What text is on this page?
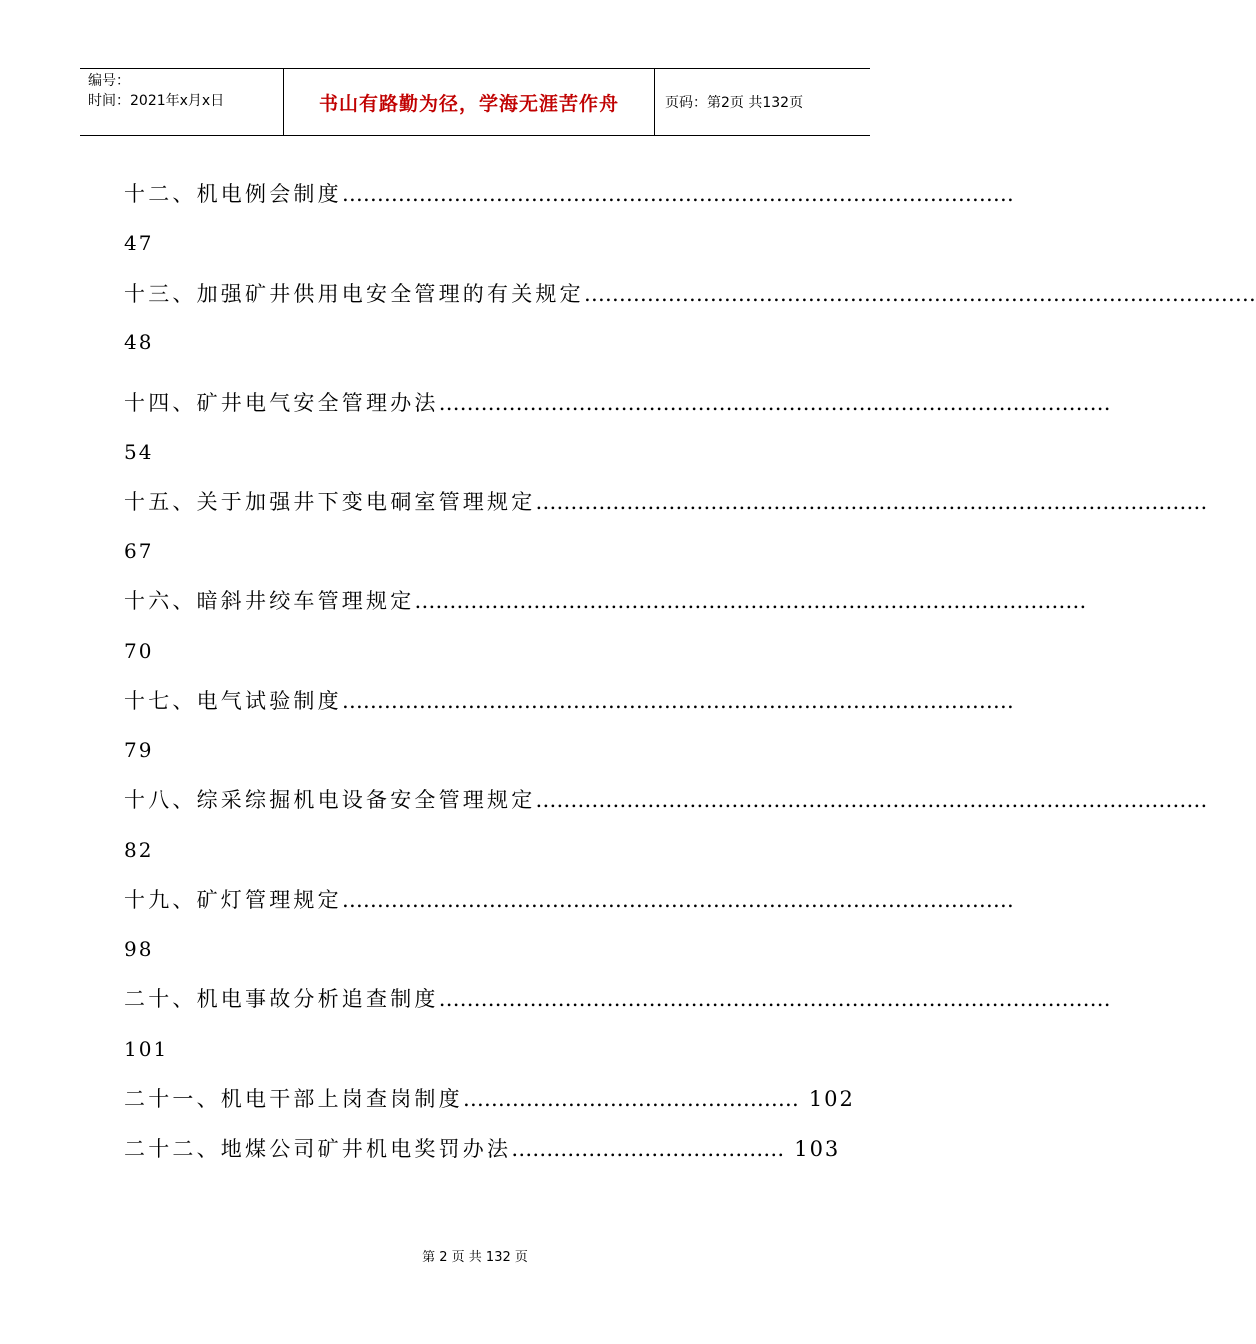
编号：
时间：2021年x月x日	书山有路勤为径，学海无涯苦作舟	页码：第2页 共132页
十二、机电例会制度 ……………………………………………………………………………………
47
十三、加强矿井供用电安全管理的有关规定 ……………………………………………………………………………………
48
十四、矿井电气安全管理办法 ……………………………………………………………………………………
54
十五、关于加强井下变电硐室管理规定 ……………………………………………………………………………………
67
十六、暗斜井绞车管理规定 ……………………………………………………………………………………
70
十七、电气试验制度 ……………………………………………………………………………………
79
十八、综采综掘机电设备安全管理规定 ……………………………………………………………………………………
82
十九、矿灯管理规定 ……………………………………………………………………………………
98
二十、机电事故分析追查制度 ……………………………………………………………………………………
101
二十一、机电干部上岗查岗制度 ………………………………………… 102
二十二、地煤公司矿井机电奖罚办法 ………………………………… 103
第 2 页 共 132 页
